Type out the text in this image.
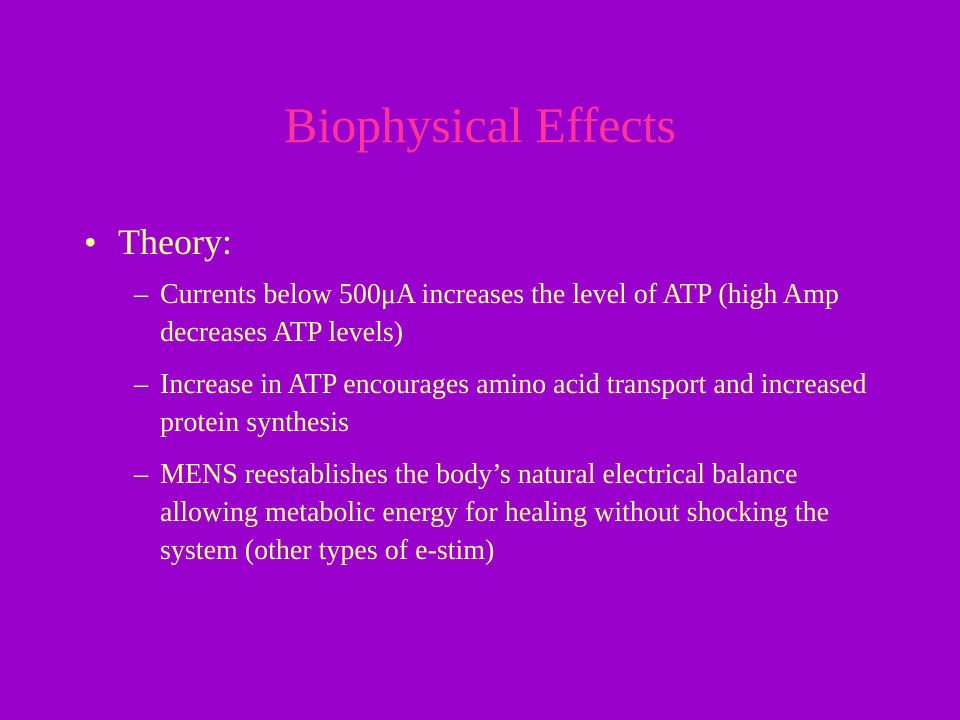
Biophysical Effects
• Theory:
– Currents below 500μA increases the level of ATP (high Amp decreases ATP levels)
– Increase in ATP encourages amino acid transport and increased protein synthesis
– MENS reestablishes the body’s natural electrical balance allowing metabolic energy for healing without shocking the system (other types of e-stim)
